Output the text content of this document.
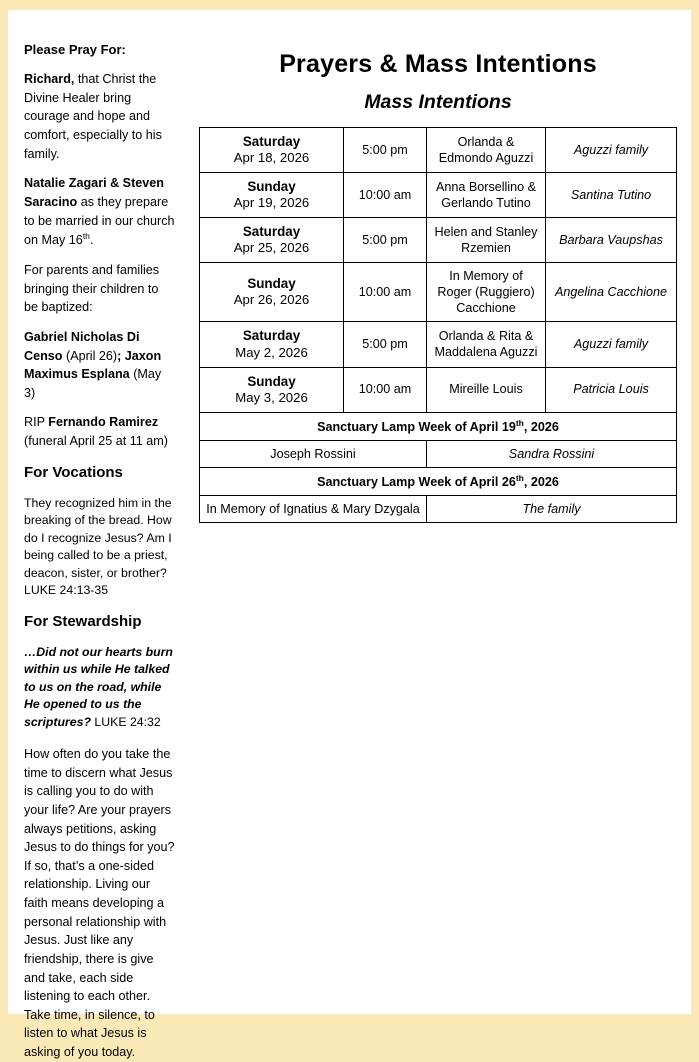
Please Pray For:

Richard, that Christ the Divine Healer bring courage and hope and comfort, especially to his family.

Natalie Zagari & Steven Saracino as they prepare to be married in our church on May 16th.

For parents and families bringing their children to be baptized:

Gabriel Nicholas Di Censo (April 26); Jaxon Maximus Esplana (May 3)

RIP Fernando Ramirez (funeral April 25 at 11 am)

For Vocations

They recognized him in the breaking of the bread. How do I recognize Jesus? Am I being called to be a priest, deacon, sister, or brother? LUKE 24:13-35

For Stewardship

…Did not our hearts burn within us while He talked to us on the road, while He opened to us the scriptures? LUKE 24:32

How often do you take the time to discern what Jesus is calling you to do with your life? Are your prayers always petitions, asking Jesus to do things for you? If so, that’s a one-sided relationship. Living our faith means developing a personal relationship with Jesus. Just like any friendship, there is give and take, each side listening to each other. Take time, in silence, to listen to what Jesus is asking of you today.

Prayers & Mass Intentions
Mass Intentions
Saturday
Apr 18, 2026	5:00 pm	Orlanda & Edmondo Aguzzi	Aguzzi family

Sunday
Apr 19, 2026	10:00 am	Anna Borsellino & Gerlando Tutino	Santina Tutino

Saturday
Apr 25, 2026	5:00 pm	Helen and Stanley Rzemien	Barbara Vaupshas

Sunday
Apr 26, 2026	10:00 am	In Memory of Roger (Ruggiero) Cacchione	Angelina Cacchione

Saturday
May 2, 2026	5:00 pm	Orlanda & Rita & Maddalena Aguzzi	Aguzzi family

Sunday
May 3, 2026	10:00 am	Mireille Louis	Patricia Louis
Sanctuary Lamp Week of April 19th, 2026			
Joseph Rossini		Sandra Rossini	
Sanctuary Lamp Week of April 26th, 2026			
In Memory of Ignatius & Mary Dzygala		The family	
